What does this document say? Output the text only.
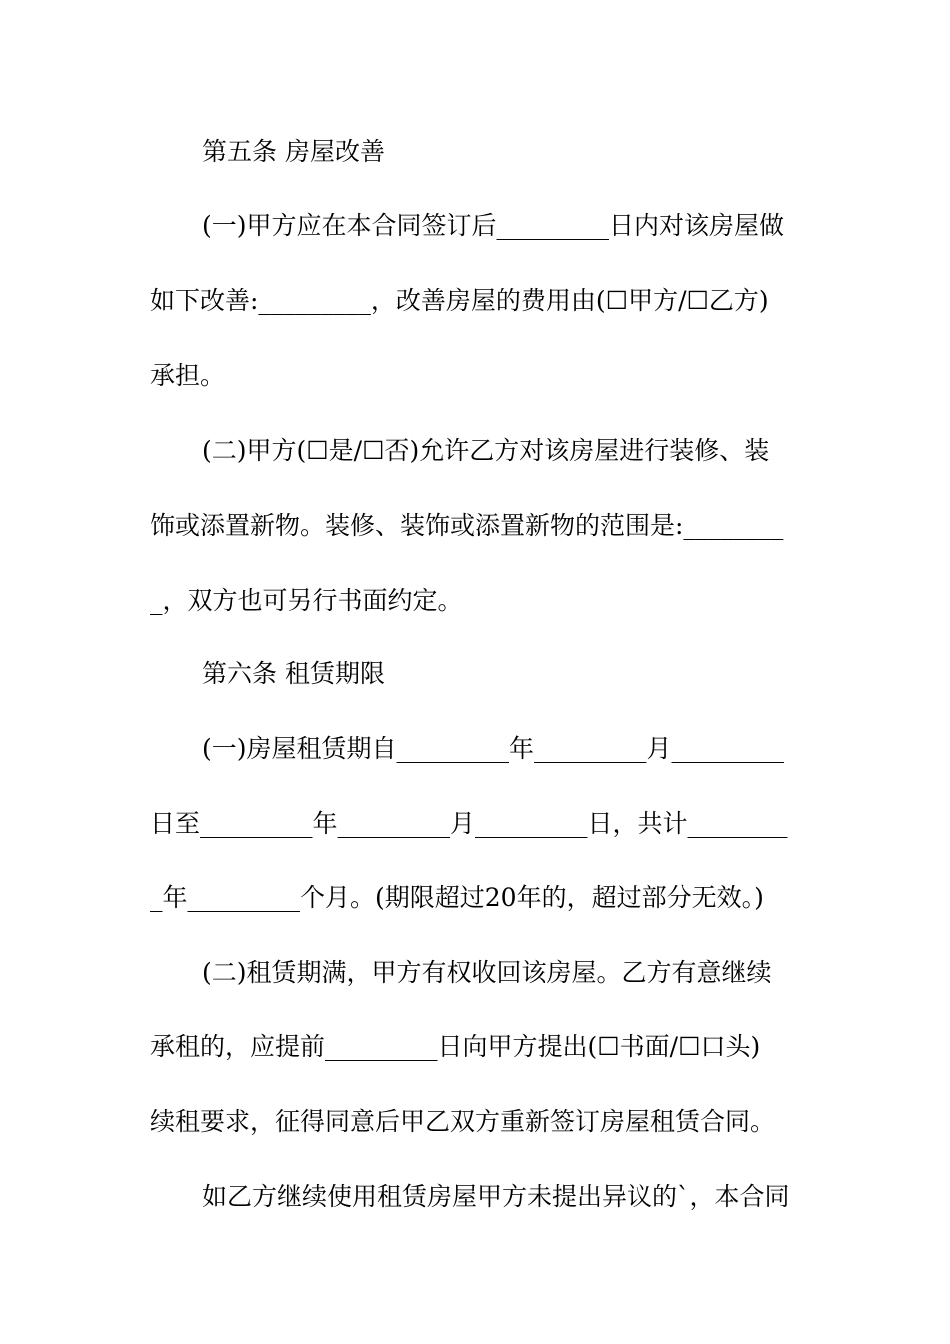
第五条 房屋改善
(一)甲方应在本合同签订后_________日内对该房屋做
如下改善:_________，改善房屋的费用由(☐甲方/☐乙方)
承担。
(二)甲方(☐是/☐否)允许乙方对该房屋进行装修、装
饰或添置新物。装修、装饰或添置新物的范围是:________
_，双方也可另行书面约定。
第六条 租赁期限
(一)房屋租赁期自_________年_________月_________
日至_________年_________月_________日，共计________
_年_________个月。(期限超过20年的，超过部分无效。)
(二)租赁期满，甲方有权收回该房屋。乙方有意继续
承租的，应提前_________日向甲方提出(☐书面/☐口头)
续租要求，征得同意后甲乙双方重新签订房屋租赁合同。
如乙方继续使用租赁房屋甲方未提出异议的`，本合同
